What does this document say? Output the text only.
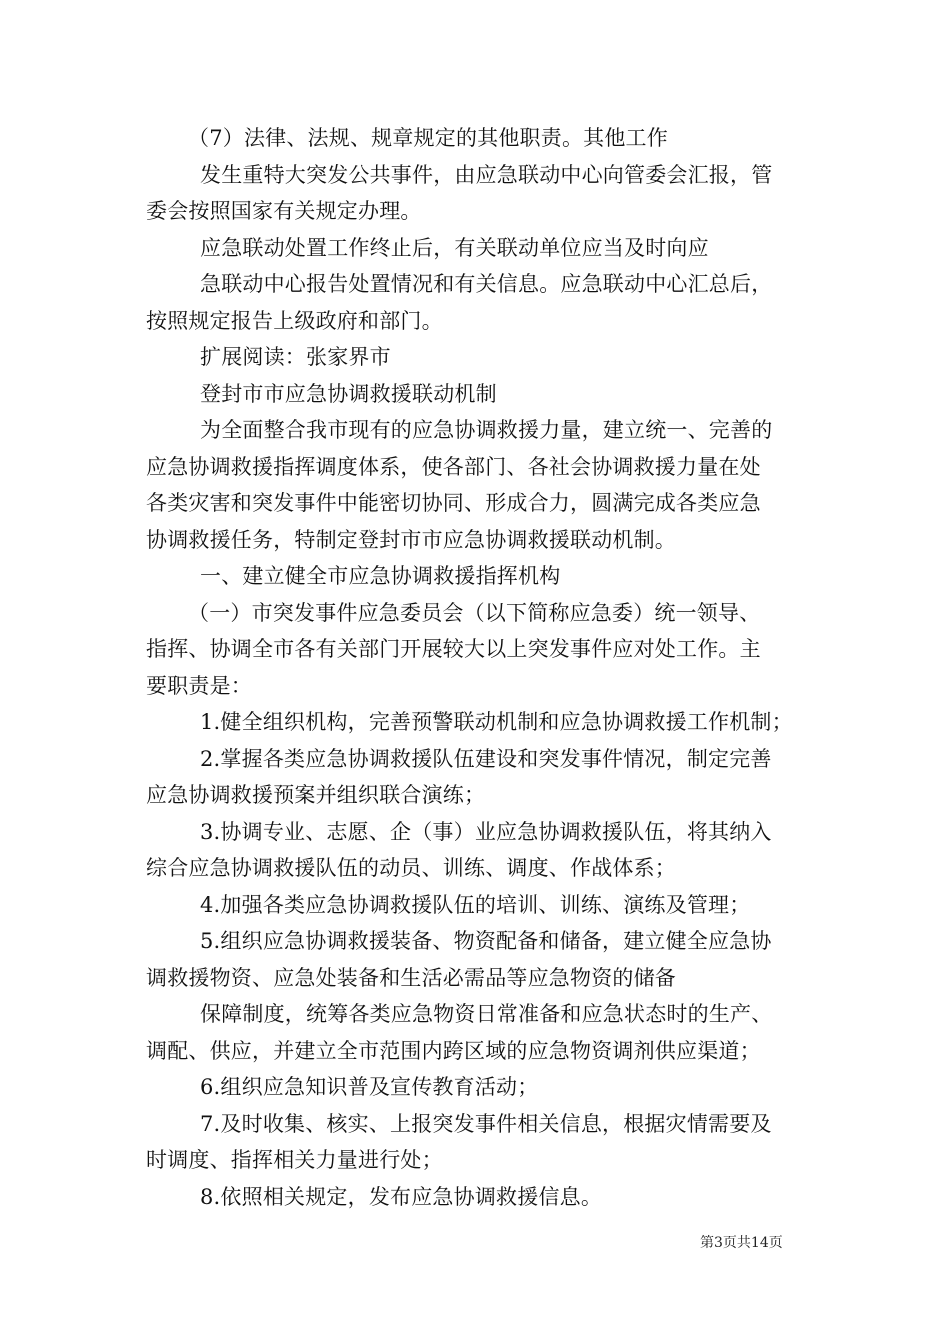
（7）法律、法规、规章规定的其他职责。其他工作
发生重特大突发公共事件，由应急联动中心向管委会汇报，管
委会按照国家有关规定办理。
应急联动处置工作终止后，有关联动单位应当及时向应
急联动中心报告处置情况和有关信息。应急联动中心汇总后，
按照规定报告上级政府和部门。
扩展阅读：张家界市
登封市市应急协调救援联动机制
为全面整合我市现有的应急协调救援力量，建立统一、完善的
应急协调救援指挥调度体系，使各部门、各社会协调救援力量在处
各类灾害和突发事件中能密切协同、形成合力，圆满完成各类应急
协调救援任务，特制定登封市市应急协调救援联动机制。
一、建立健全市应急协调救援指挥机构
（一）市突发事件应急委员会（以下简称应急委）统一领导、
指挥、协调全市各有关部门开展较大以上突发事件应对处工作。主
要职责是：
1.健全组织机构，完善预警联动机制和应急协调救援工作机制；
2.掌握各类应急协调救援队伍建设和突发事件情况，制定完善
应急协调救援预案并组织联合演练；
3.协调专业、志愿、企（事）业应急协调救援队伍，将其纳入
综合应急协调救援队伍的动员、训练、调度、作战体系；
4.加强各类应急协调救援队伍的培训、训练、演练及管理；
5.组织应急协调救援装备、物资配备和储备，建立健全应急协
调救援物资、应急处装备和生活必需品等应急物资的储备
保障制度，统筹各类应急物资日常准备和应急状态时的生产、
调配、供应，并建立全市范围内跨区域的应急物资调剂供应渠道；
6.组织应急知识普及宣传教育活动；
7.及时收集、核实、上报突发事件相关信息，根据灾情需要及
时调度、指挥相关力量进行处；
8.依照相关规定，发布应急协调救援信息。
第3页共14页
